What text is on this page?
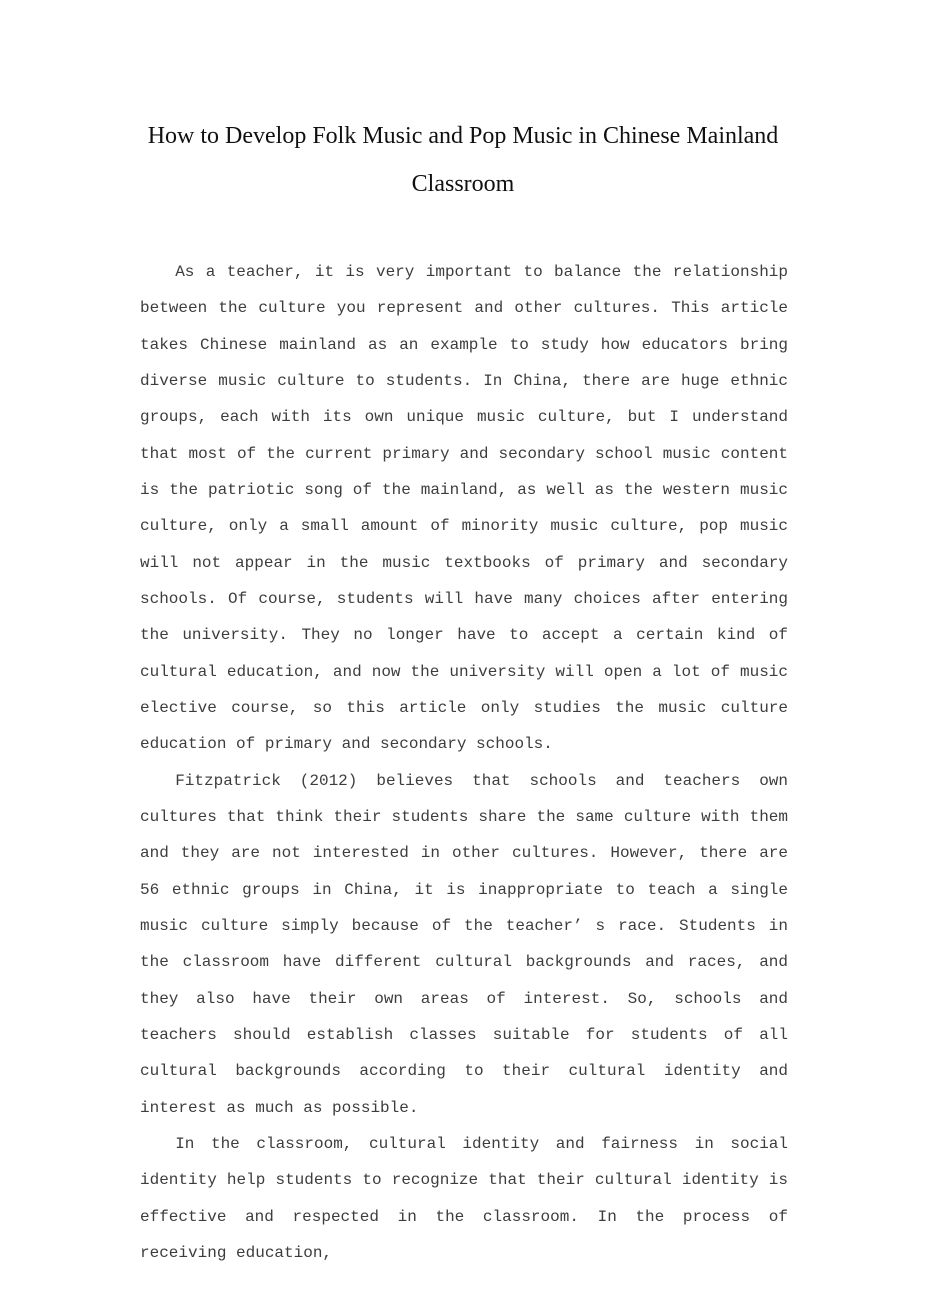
How to Develop Folk Music and Pop Music in Chinese Mainland Classroom

As a teacher, it is very important to balance the relationship between the culture you represent and other cultures. This article takes Chinese mainland as an example to study how educators bring diverse music culture to students. In China, there are huge ethnic groups, each with its own unique music culture, but I understand that most of the current primary and secondary school music content is the patriotic song of the mainland, as well as the western music culture, only a small amount of minority music culture, pop music will not appear in the music textbooks of primary and secondary schools. Of course, students will have many choices after entering the university. They no longer have to accept a certain kind of cultural education, and now the university will open a lot of music elective course, so this article only studies the music culture education of primary and secondary schools.

Fitzpatrick (2012) believes that schools and teachers own cultures that think their students share the same culture with them and they are not interested in other cultures. However, there are 56 ethnic groups in China, it is inappropriate to teach a single music culture simply because of the teacher’ s race. Students in the classroom have different cultural backgrounds and races, and they also have their own areas of interest. So, schools and teachers should establish classes suitable for students of all cultural backgrounds according to their cultural identity and interest as much as possible.

In the classroom, cultural identity and fairness in social identity help students to recognize that their cultural identity is effective and respected in the classroom. In the process of receiving education,
